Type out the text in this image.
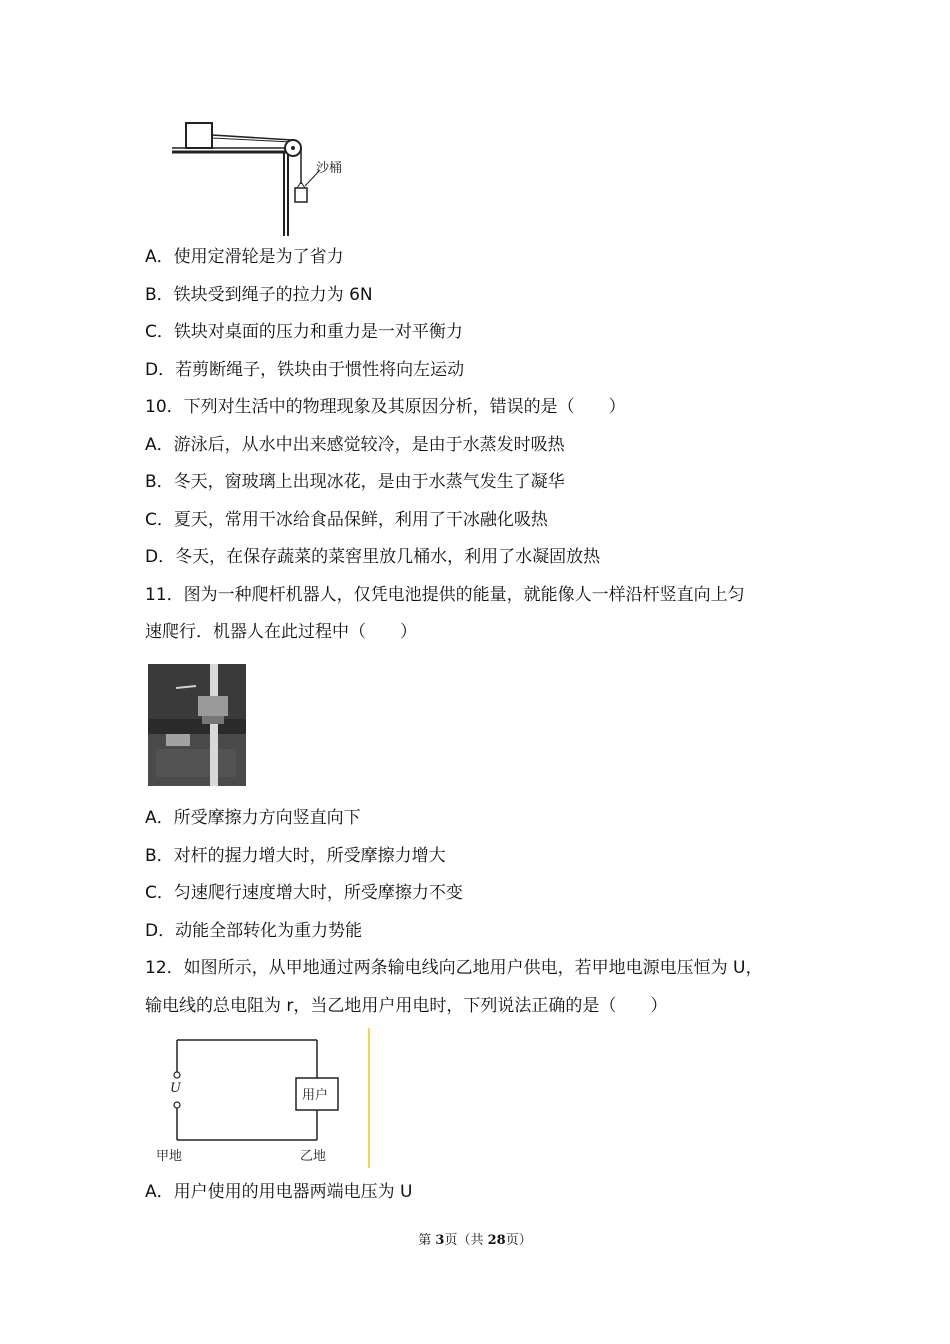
沙桶
A．使用定滑轮是为了省力
B．铁块受到绳子的拉力为 6N
C．铁块对桌面的压力和重力是一对平衡力
D．若剪断绳子，铁块由于惯性将向左运动
10．下列对生活中的物理现象及其原因分析，错误的是（　　）
A．游泳后，从水中出来感觉较冷，是由于水蒸发时吸热
B．冬天，窗玻璃上出现冰花，是由于水蒸气发生了凝华
C．夏天，常用干冰给食品保鲜，利用了干冰融化吸热
D．冬天，在保存蔬菜的菜窖里放几桶水，利用了水凝固放热
11．图为一种爬杆机器人，仅凭电池提供的能量，就能像人一样沿杆竖直向上匀
速爬行．机器人在此过程中（　　）
A．所受摩擦力方向竖直向下
B．对杆的握力增大时，所受摩擦力增大
C．匀速爬行速度增大时，所受摩擦力不变
D．动能全部转化为重力势能
12．如图所示，从甲地通过两条输电线向乙地用户供电，若甲地电源电压恒为 U，
输电线的总电阻为 r，当乙地用户用电时，下列说法正确的是（　　）
U	用户
甲地	乙地
A．用户使用的用电器两端电压为 U
第 3页（共 28页）
